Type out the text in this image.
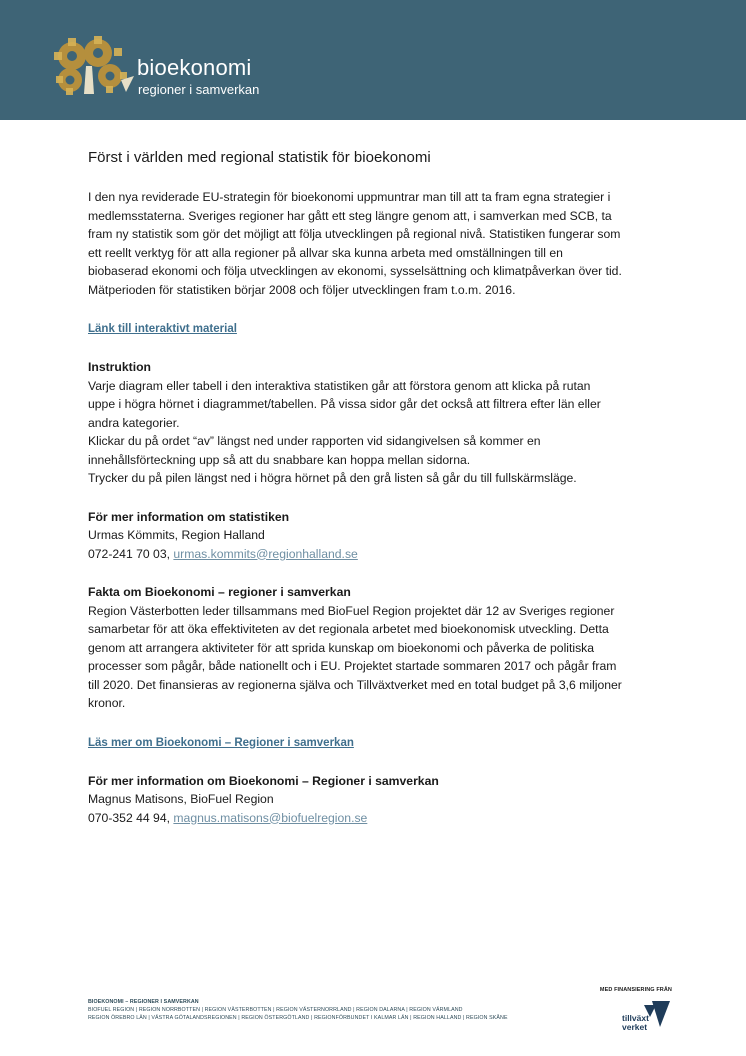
bioekonomi
regioner i samverkan
Först i världen med regional statistik för bioekonomi
I den nya reviderade EU-strategin för bioekonomi uppmuntrar man till att ta fram egna strategier i
medlemsstaterna. Sveriges regioner har gått ett steg längre genom att, i samverkan med SCB, ta
fram ny statistik som gör det möjligt att följa utvecklingen på regional nivå. Statistiken fungerar som
ett reellt verktyg för att alla regioner på allvar ska kunna arbeta med omställningen till en
biobaserad ekonomi och följa utvecklingen av ekonomi, sysselsättning och klimatpåverkan över tid.
Mätperioden för statistiken börjar 2008 och följer utvecklingen fram t.o.m. 2016.
Länk till interaktivt material
Instruktion
Varje diagram eller tabell i den interaktiva statistiken går att förstora genom att klicka på rutan
uppe i högra hörnet i diagrammet/tabellen. På vissa sidor går det också att filtrera efter län eller
andra kategorier.
Klickar du på ordet “av” längst ned under rapporten vid sidangivelsen så kommer en
innehållsförteckning upp så att du snabbare kan hoppa mellan sidorna.
Trycker du på pilen längst ned i högra hörnet på den grå listen så går du till fullskärmsläge.
För mer information om statistiken
Urmas Kömmits, Region Halland
072-241 70 03, urmas.kommits@regionhalland.se
Fakta om Bioekonomi – regioner i samverkan
Region Västerbotten leder tillsammans med BioFuel Region projektet där 12 av Sveriges regioner
samarbetar för att öka effektiviteten av det regionala arbetet med bioekonomisk utveckling. Detta
genom att arrangera aktiviteter för att sprida kunskap om bioekonomi och påverka de politiska
processer som pågår, både nationellt och i EU. Projektet startade sommaren 2017 och pågår fram
till 2020. Det finansieras av regionerna själva och Tillväxtverket med en total budget på 3,6 miljoner
kronor.
Läs mer om Bioekonomi – Regioner i samverkan
För mer information om Bioekonomi – Regioner i samverkan
Magnus Matisons, BioFuel Region
070-352 44 94, magnus.matisons@biofuelregion.se
BIOEKONOMI – REGIONER I SAMVERKAN
BIOFUEL REGION | REGION NORRBOTTEN | REGION VÄSTERBOTTEN | REGION VÄSTERNORRLAND | REGION DALARNA | REGION VÄRMLAND
REGION ÖREBRO LÄN | VÄSTRA GÖTALANDSREGIONEN | REGION ÖSTERGÖTLAND | REGIONFÖRBUNDET I KALMAR LÄN | REGION HALLAND | REGION SKÅNE
MED FINANSIERING FRÅN
tillväxt
verket
